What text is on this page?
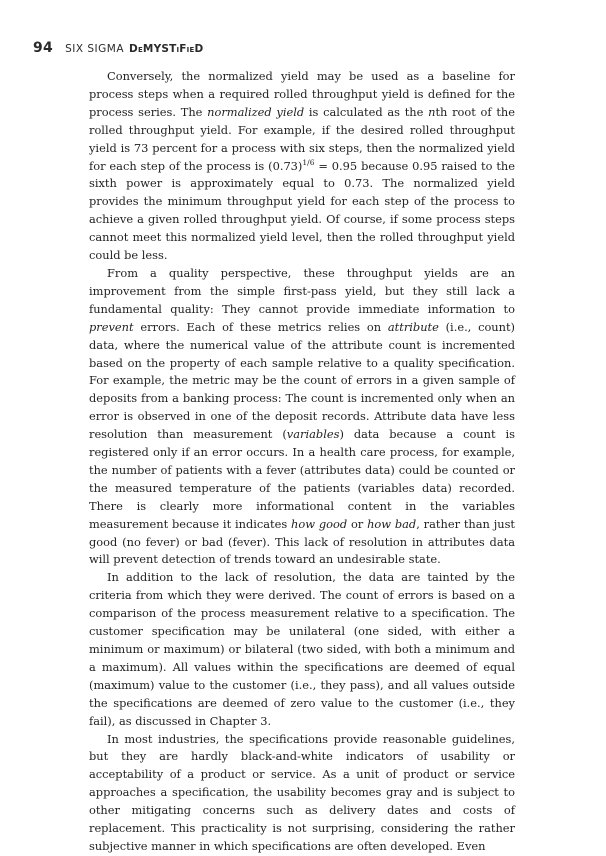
94 SIX SIGMA DeMYSTiFieD

Conversely, the normalized yield may be used as a baseline for process steps when a required rolled throughput yield is defined for the process series. The normalized yield is calculated as the nth root of the rolled throughput yield. For example, if the desired rolled throughput yield is 73 percent for a process with six steps, then the normalized yield for each step of the process is $(0.73)^{1/6} = 0.95$ because 0.95 raised to the sixth power is approximately equal to 0.73. The normalized yield provides the minimum throughput yield for each step of the process to achieve a given rolled throughput yield. Of course, if some process steps cannot meet this normalized yield level, then the rolled throughput yield could be less.

From a quality perspective, these throughput yields are an improvement from the simple first-pass yield, but they still lack a fundamental quality: They cannot provide immediate information to prevent errors. Each of these metrics relies on attribute (i.e., count) data, where the numerical value of the attribute count is incremented based on the property of each sample relative to a quality specification. For example, the metric may be the count of errors in a given sample of deposits from a banking process: The count is incremented only when an error is observed in one of the deposit records. Attribute data have less resolution than measurement (variables) data because a count is registered only if an error occurs. In a health care process, for example, the number of patients with a fever (attributes data) could be counted or the measured temperature of the patients (variables data) recorded. There is clearly more informational content in the variables measurement because it indicates how good or how bad, rather than just good (no fever) or bad (fever). This lack of resolution in attributes data will prevent detection of trends toward an undesirable state.

In addition to the lack of resolution, the data are tainted by the criteria from which they were derived. The count of errors is based on a comparison of the process measurement relative to a specification. The customer specification may be unilateral (one sided, with either a minimum or maximum) or bilateral (two sided, with both a minimum and a maximum). All values within the specifications are deemed of equal (maximum) value to the customer (i.e., they pass), and all values outside the specifications are deemed of zero value to the customer (i.e., they fail), as discussed in Chapter 3.

In most industries, the specifications provide reasonable guidelines, but they are hardly black-and-white indicators of usability or acceptability of a product or service. As a unit of product or service approaches a specification, the usability becomes gray and is subject to other mitigating concerns such as delivery dates and costs of replacement. This practicality is not surprising, considering the rather subjective manner in which specifications are often developed. Even
